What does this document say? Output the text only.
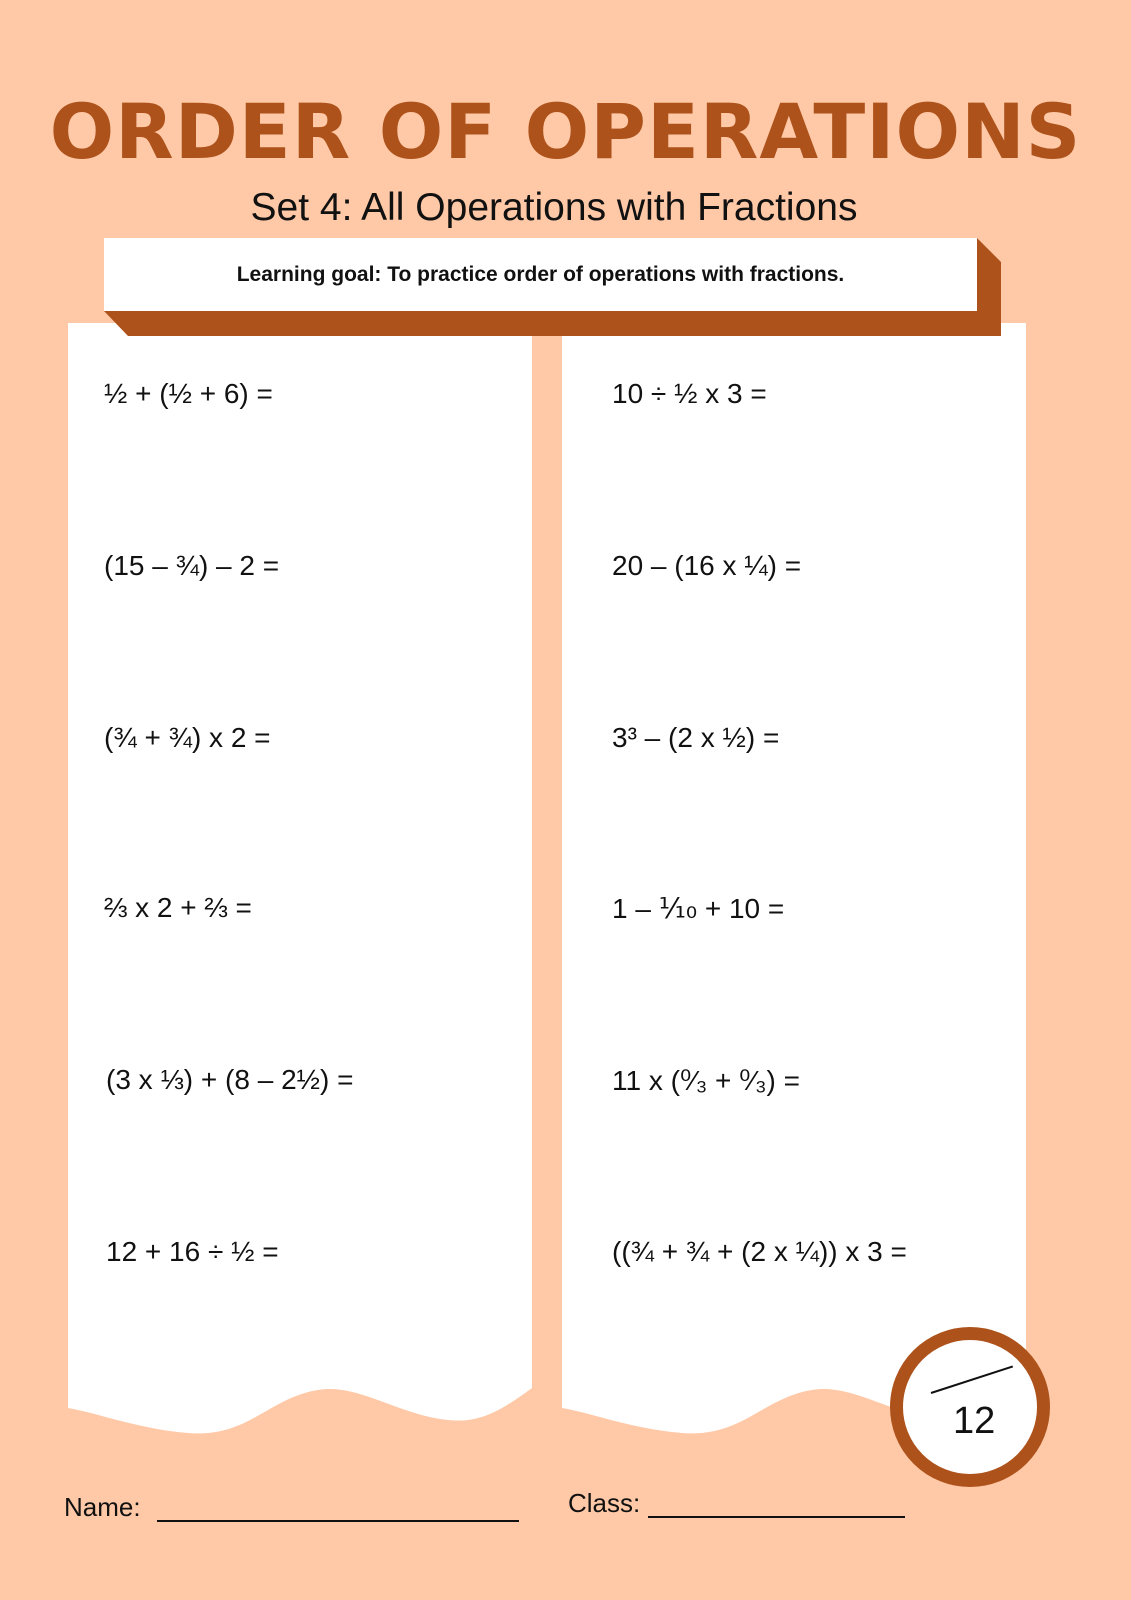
ORDER OF OPERATIONS
Set 4: All Operations with Fractions
Learning goal: To practice order of operations with fractions.
½ + (½ + 6) =
(15 – ¾) – 2 =
(¾ + ¾) x 2 =
⅔ x 2 + ⅔ =
(3 x ⅓) + (8 – 2½) =
12 + 16 ÷ ½ =
10 ÷ ½ x 3 =
20 – (16 x ¼) =
3³ – (2 x ½) =
1 – ⅒ + 10 =
11 x (⁰⁄₃ + ⁰⁄₃) =
((¾ + ¾ + (2 x ¼)) x 3 =
Name:	Class:
12
